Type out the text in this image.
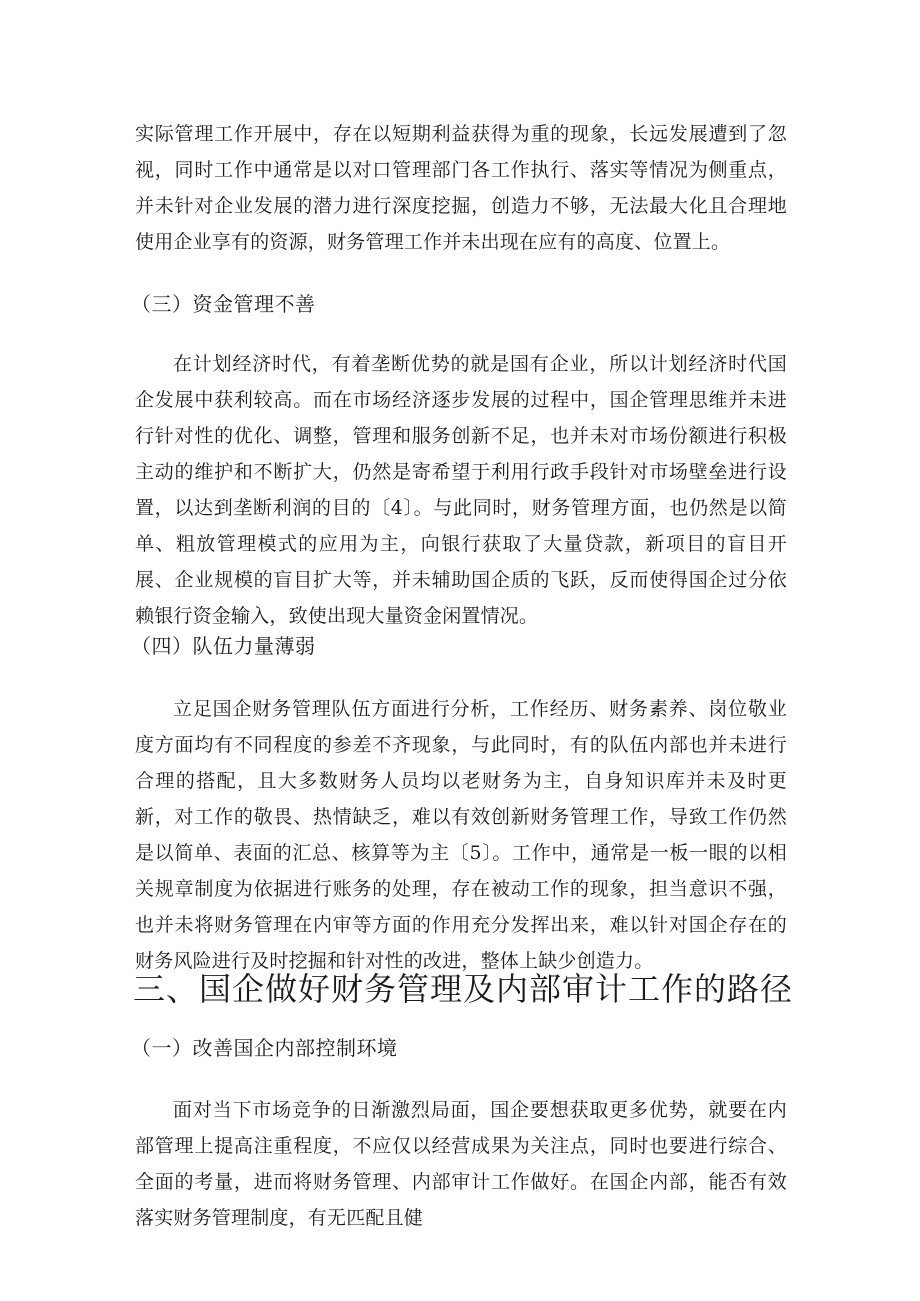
实际管理工作开展中，存在以短期利益获得为重的现象，长远发展遭到了忽视，同时工作中通常是以对口管理部门各工作执行、落实等情况为侧重点，并未针对企业发展的潜力进行深度挖掘，创造力不够，无法最大化且合理地使用企业享有的资源，财务管理工作并未出现在应有的高度、位置上。

（三）资金管理不善

在计划经济时代，有着垄断优势的就是国有企业，所以计划经济时代国企发展中获利较高。而在市场经济逐步发展的过程中，国企管理思维并未进行针对性的优化、调整，管理和服务创新不足，也并未对市场份额进行积极主动的维护和不断扩大，仍然是寄希望于利用行政手段针对市场壁垒进行设置，以达到垄断利润的目的〔4〕。与此同时，财务管理方面，也仍然是以简单、粗放管理模式的应用为主，向银行获取了大量贷款，新项目的盲目开展、企业规模的盲目扩大等，并未辅助国企质的飞跃，反而使得国企过分依赖银行资金输入，致使出现大量资金闲置情况。

（四）队伍力量薄弱

立足国企财务管理队伍方面进行分析，工作经历、财务素养、岗位敬业度方面均有不同程度的参差不齐现象，与此同时，有的队伍内部也并未进行合理的搭配，且大多数财务人员均以老财务为主，自身知识库并未及时更新，对工作的敬畏、热情缺乏，难以有效创新财务管理工作，导致工作仍然是以简单、表面的汇总、核算等为主〔5〕。工作中，通常是一板一眼的以相关规章制度为依据进行账务的处理，存在被动工作的现象，担当意识不强，也并未将财务管理在内审等方面的作用充分发挥出来，难以针对国企存在的财务风险进行及时挖掘和针对性的改进，整体上缺少创造力。

三、国企做好财务管理及内部审计工作的路径
（一）改善国企内部控制环境

面对当下市场竞争的日渐激烈局面，国企要想获取更多优势，就要在内部管理上提高注重程度，不应仅以经营成果为关注点，同时也要进行综合、全面的考量，进而将财务管理、内部审计工作做好。在国企内部，能否有效落实财务管理制度，有无匹配且健
